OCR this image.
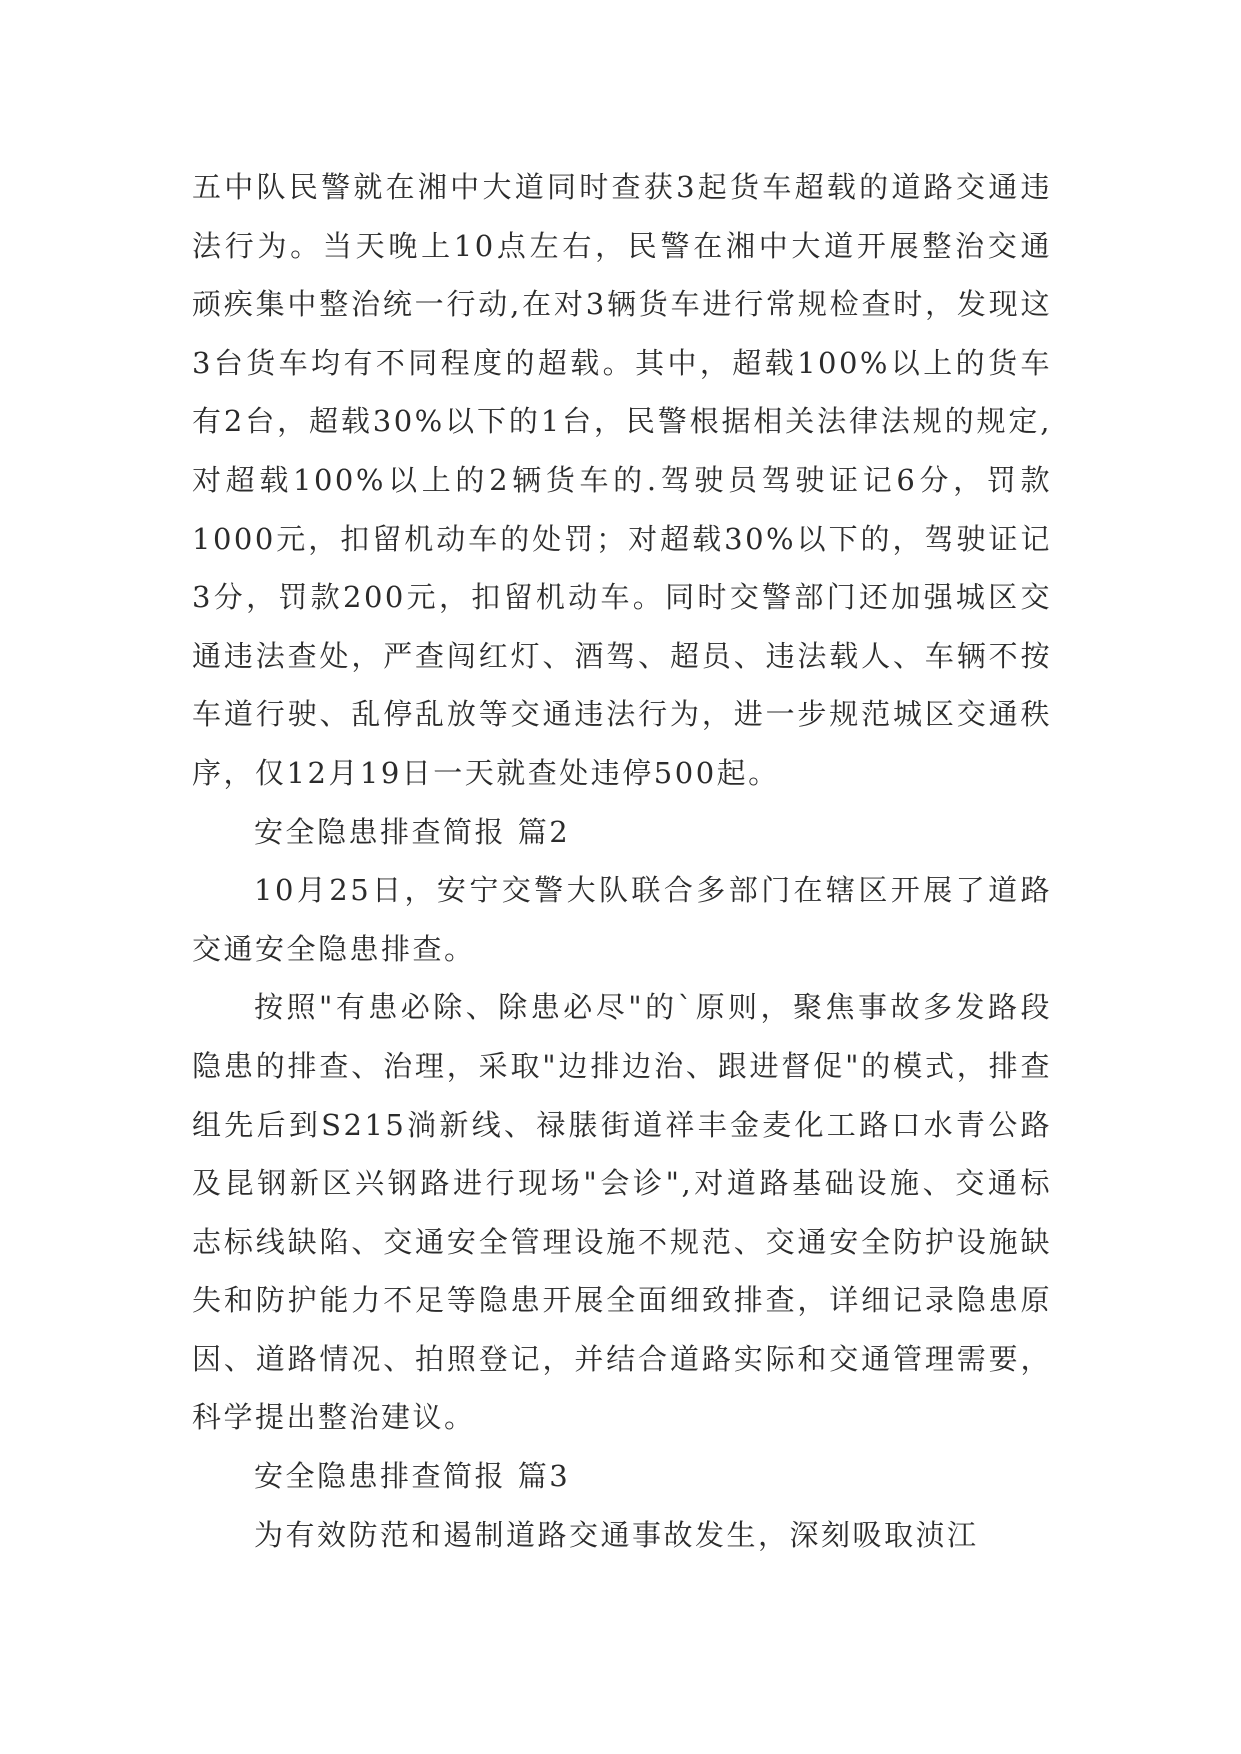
五中队民警就在湘中大道同时查获3起货车超载的道路交通违法行为。当天晚上10点左右，民警在湘中大道开展整治交通顽疾集中整治统一行动,在对3辆货车进行常规检查时，发现这3台货车均有不同程度的超载。其中，超载100%以上的货车有2台，超载30%以下的1台，民警根据相关法律法规的规定,对超载100%以上的2辆货车的.驾驶员驾驶证记6分，罚款1000元，扣留机动车的处罚；对超载30%以下的，驾驶证记3分，罚款200元，扣留机动车。同时交警部门还加强城区交通违法查处，严查闯红灯、酒驾、超员、违法载人、车辆不按车道行驶、乱停乱放等交通违法行为，进一步规范城区交通秩序，仅12月19日一天就查处违停500起。

安全隐患排查简报 篇2

10月25日，安宁交警大队联合多部门在辖区开展了道路交通安全隐患排查。

按照"有患必除、除患必尽"的`原则，聚焦事故多发路段隐患的排查、治理，采取"边排边治、跟进督促"的模式，排查组先后到S215淌新线、禄脿街道祥丰金麦化工路口水青公路及昆钢新区兴钢路进行现场"会诊",对道路基础设施、交通标志标线缺陷、交通安全管理设施不规范、交通安全防护设施缺失和防护能力不足等隐患开展全面细致排查，详细记录隐患原因、道路情况、拍照登记，并结合道路实际和交通管理需要，科学提出整治建议。

安全隐患排查简报 篇3

为有效防范和遏制道路交通事故发生，深刻吸取浈江
